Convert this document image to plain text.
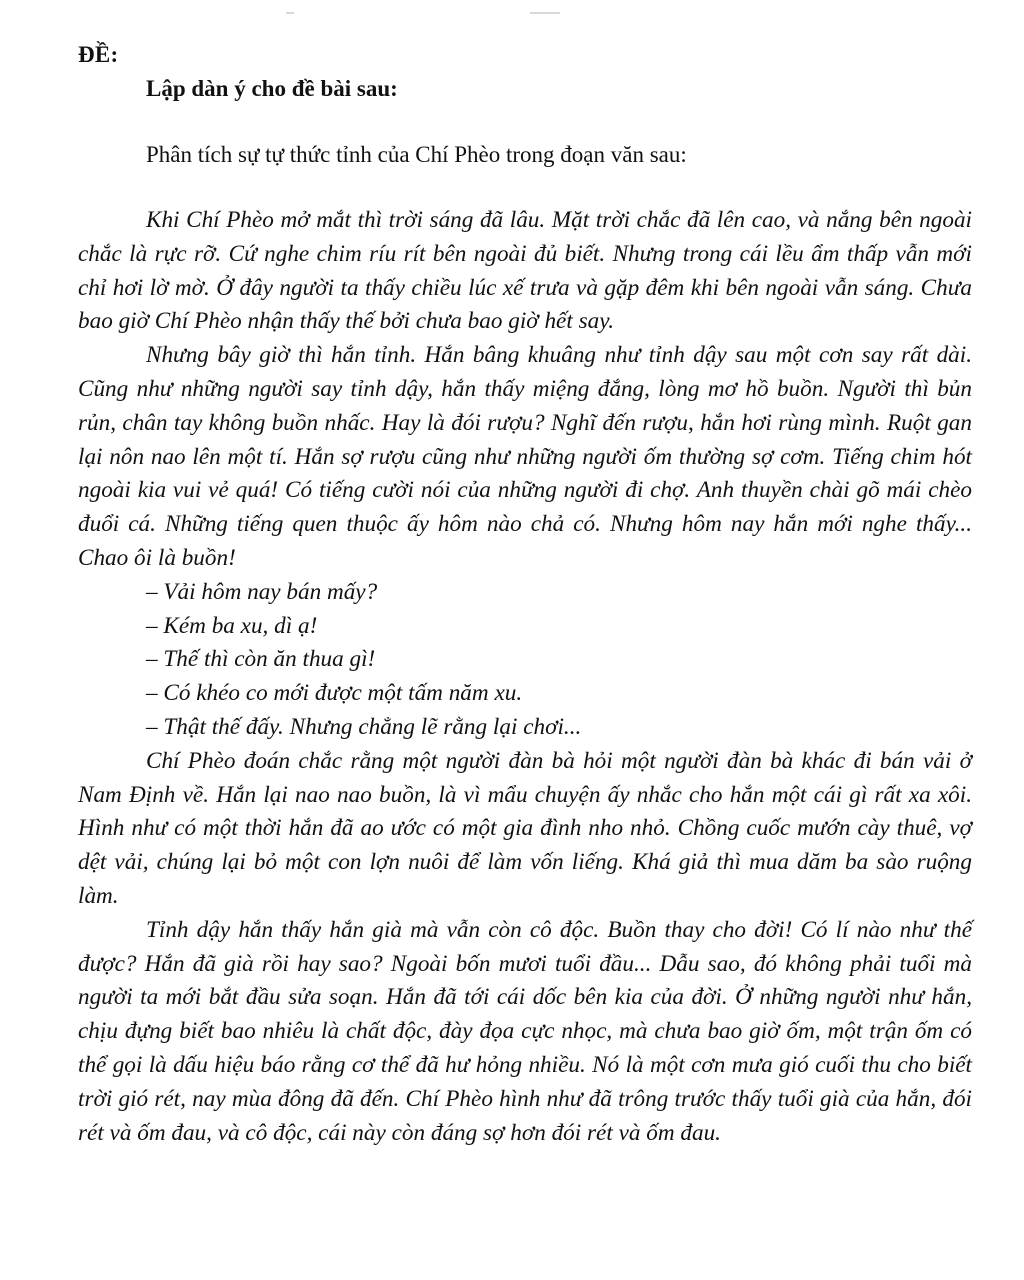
ĐỀ:
Lập dàn ý cho đề bài sau:
Phân tích sự tự thức tỉnh của Chí Phèo trong đoạn văn sau:

Khi Chí Phèo mở mắt thì trời sáng đã lâu. Mặt trời chắc đã lên cao, và nắng bên ngoài chắc là rực rỡ. Cứ nghe chim ríu rít bên ngoài đủ biết. Nhưng trong cái lều ẩm thấp vẫn mới chỉ hơi lờ mờ. Ở đây người ta thấy chiều lúc xế trưa và gặp đêm khi bên ngoài vẫn sáng. Chưa bao giờ Chí Phèo nhận thấy thế bởi chưa bao giờ hết say.

Nhưng bây giờ thì hắn tỉnh. Hắn bâng khuâng như tỉnh dậy sau một cơn say rất dài. Cũng như những người say tỉnh dậy, hắn thấy miệng đắng, lòng mơ hồ buồn. Người thì bủn rủn, chân tay không buồn nhấc. Hay là đói rượu? Nghĩ đến rượu, hắn hơi rùng mình. Ruột gan lại nôn nao lên một tí. Hắn sợ rượu cũng như những người ốm thường sợ cơm. Tiếng chim hót ngoài kia vui vẻ quá! Có tiếng cười nói của những người đi chợ. Anh thuyền chài gõ mái chèo đuổi cá. Những tiếng quen thuộc ấy hôm nào chả có. Nhưng hôm nay hắn mới nghe thấy... Chao ôi là buồn!

– Vải hôm nay bán mấy?

– Kém ba xu, dì ạ!

– Thế thì còn ăn thua gì!

– Có khéo co mới được một tấm năm xu.

– Thật thế đấy. Nhưng chẳng lẽ rằng lại chơi...

Chí Phèo đoán chắc rằng một người đàn bà hỏi một người đàn bà khác đi bán vải ở Nam Định về. Hắn lại nao nao buồn, là vì mẩu chuyện ấy nhắc cho hắn một cái gì rất xa xôi. Hình như có một thời hắn đã ao ước có một gia đình nho nhỏ. Chồng cuốc mướn cày thuê, vợ dệt vải, chúng lại bỏ một con lợn nuôi để làm vốn liếng. Khá giả thì mua dăm ba sào ruộng làm.

Tỉnh dậy hắn thấy hắn già mà vẫn còn cô độc. Buồn thay cho đời! Có lí nào như thế được? Hắn đã già rồi hay sao? Ngoài bốn mươi tuổi đầu... Dẫu sao, đó không phải tuổi mà người ta mới bắt đầu sửa soạn. Hắn đã tới cái dốc bên kia của đời. Ở những người như hắn, chịu đựng biết bao nhiêu là chất độc, đày đọa cực nhọc, mà chưa bao giờ ốm, một trận ốm có thể gọi là dấu hiệu báo rằng cơ thể đã hư hỏng nhiều. Nó là một cơn mưa gió cuối thu cho biết trời gió rét, nay mùa đông đã đến. Chí Phèo hình như đã trông trước thấy tuổi già của hắn, đói rét và ốm đau, và cô độc, cái này còn đáng sợ hơn đói rét và ốm đau.
